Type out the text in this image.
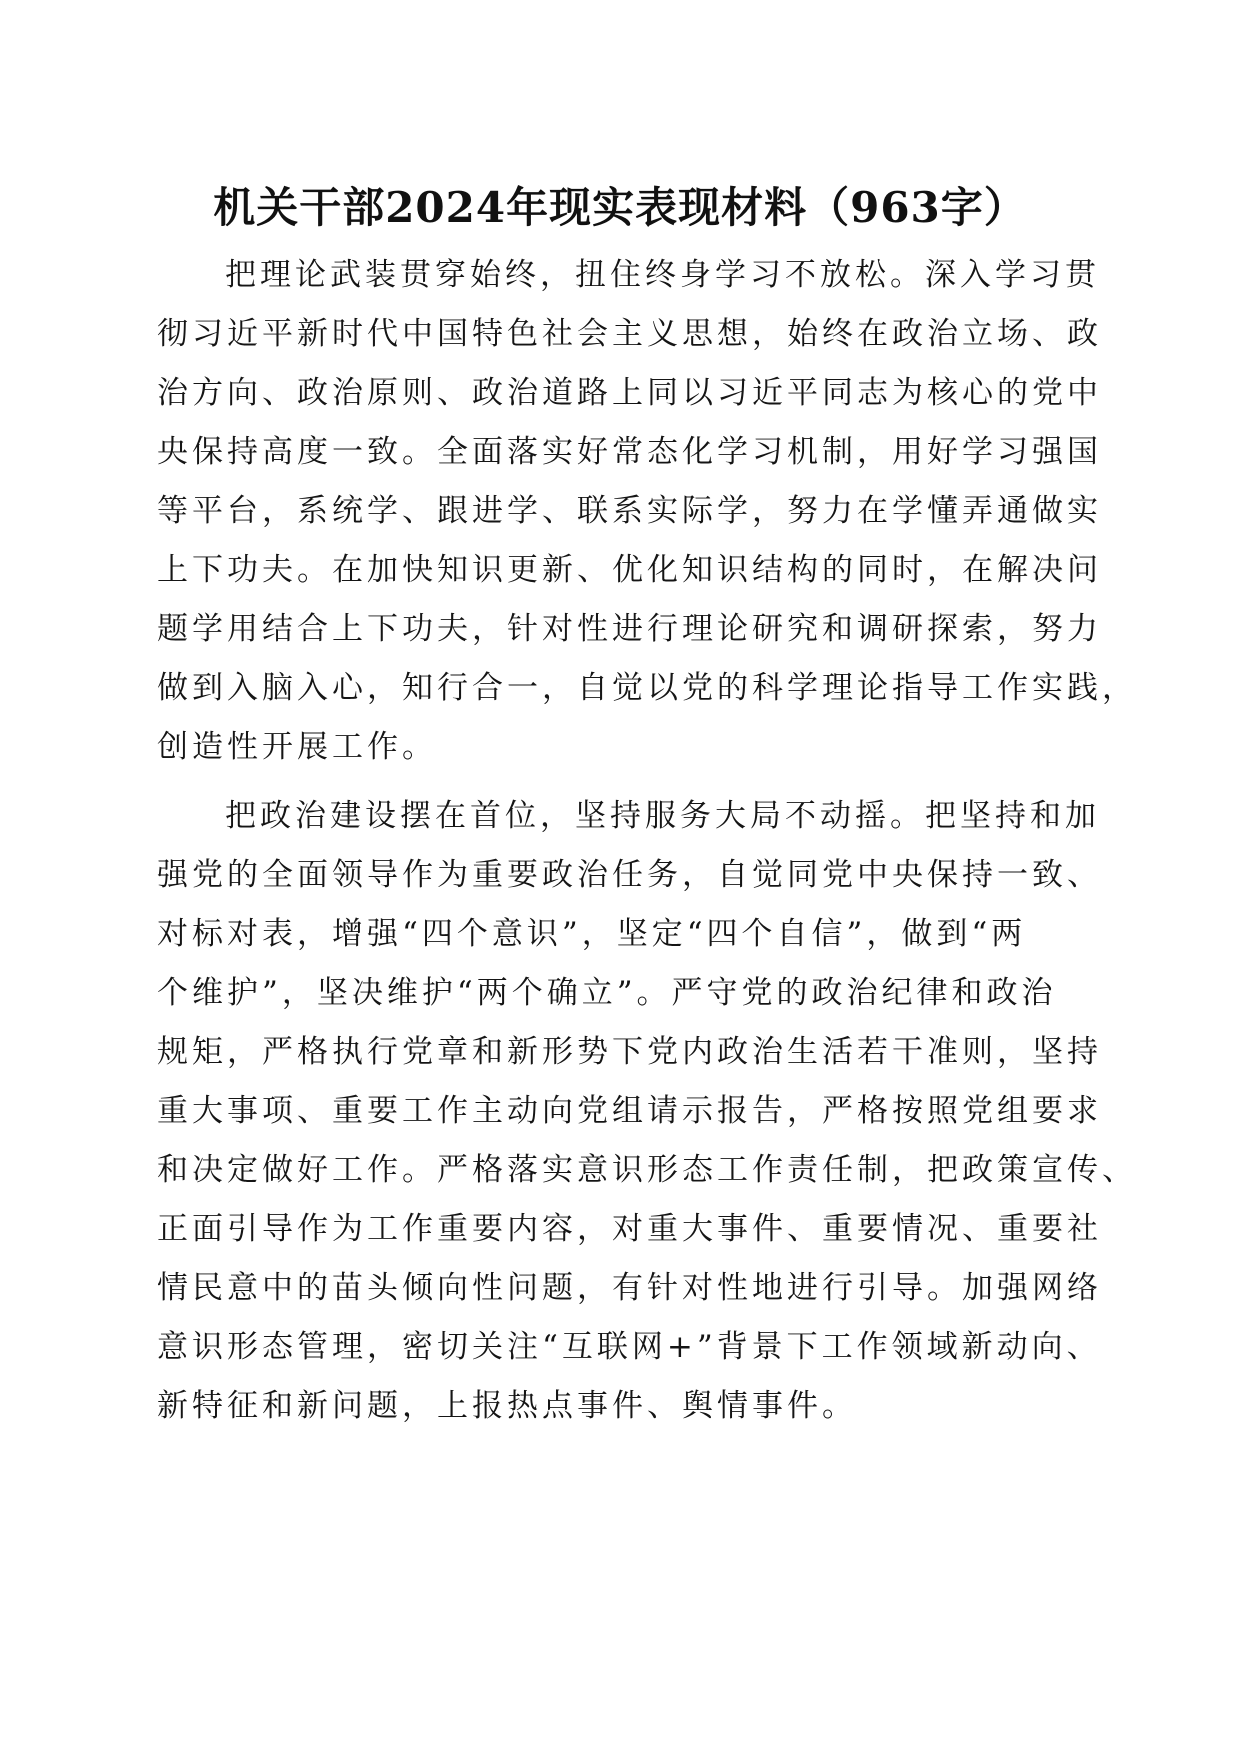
机关干部2024年现实表现材料（963字）

把理论武装贯穿始终，扭住终身学习不放松。深入学习贯
彻习近平新时代中国特色社会主义思想，始终在政治立场、政
治方向、政治原则、政治道路上同以习近平同志为核心的党中
央保持高度一致。全面落实好常态化学习机制，用好学习强国
等平台，系统学、跟进学、联系实际学，努力在学懂弄通做实
上下功夫。在加快知识更新、优化知识结构的同时，在解决问
题学用结合上下功夫，针对性进行理论研究和调研探索，努力
做到入脑入心，知行合一，自觉以党的科学理论指导工作实践，
创造性开展工作。

把政治建设摆在首位，坚持服务大局不动摇。把坚持和加
强党的全面领导作为重要政治任务，自觉同党中央保持一致、
对标对表，增强“四个意识”，坚定“四个自信”，做到“两
个维护”，坚决维护“两个确立”。严守党的政治纪律和政治
规矩，严格执行党章和新形势下党内政治生活若干准则，坚持
重大事项、重要工作主动向党组请示报告，严格按照党组要求
和决定做好工作。严格落实意识形态工作责任制，把政策宣传、
正面引导作为工作重要内容，对重大事件、重要情况、重要社
情民意中的苗头倾向性问题，有针对性地进行引导。加强网络
意识形态管理，密切关注“互联网+”背景下工作领域新动向、
新特征和新问题，上报热点事件、舆情事件。
